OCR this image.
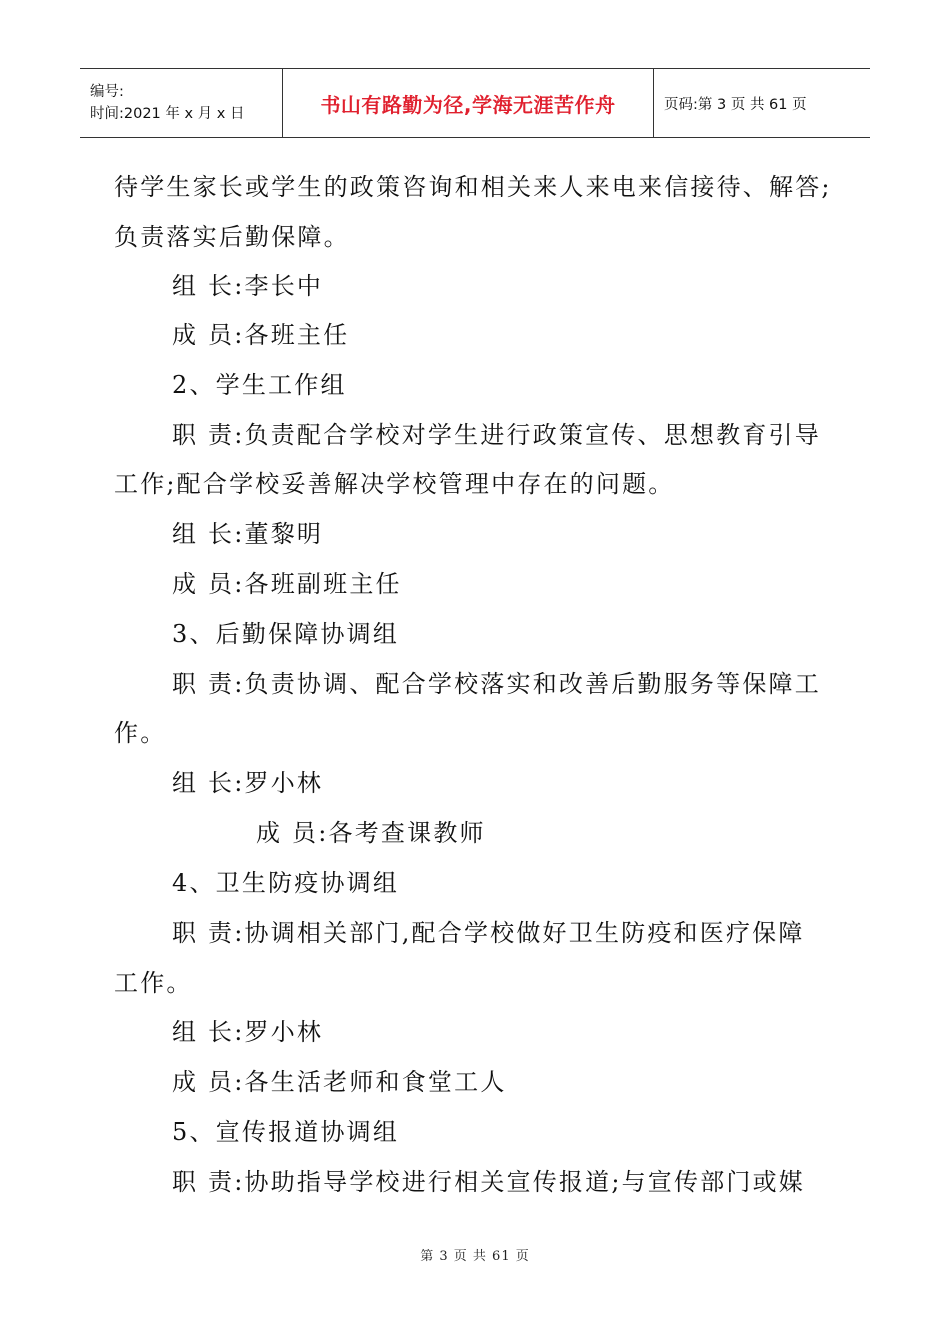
编号:
时间:2021 年 x 月 x 日	书山有路勤为径,学海无涯苦作舟	页码:第 3 页 共 61 页
待学生家长或学生的政策咨询和相关来人来电来信接待、解答;
负责落实后勤保障。
组 长:李长中
成 员:各班主任
2、学生工作组
职 责:负责配合学校对学生进行政策宣传、思想教育引导
工作;配合学校妥善解决学校管理中存在的问题。
组 长:董黎明
成 员:各班副班主任
3、后勤保障协调组
职 责:负责协调、配合学校落实和改善后勤服务等保障工
作。
组 长:罗小林
成 员:各考查课教师
4、卫生防疫协调组
职 责:协调相关部门,配合学校做好卫生防疫和医疗保障
工作。
组 长:罗小林
成 员:各生活老师和食堂工人
5、宣传报道协调组
职 责:协助指导学校进行相关宣传报道;与宣传部门或媒
第 3 页 共 61 页
